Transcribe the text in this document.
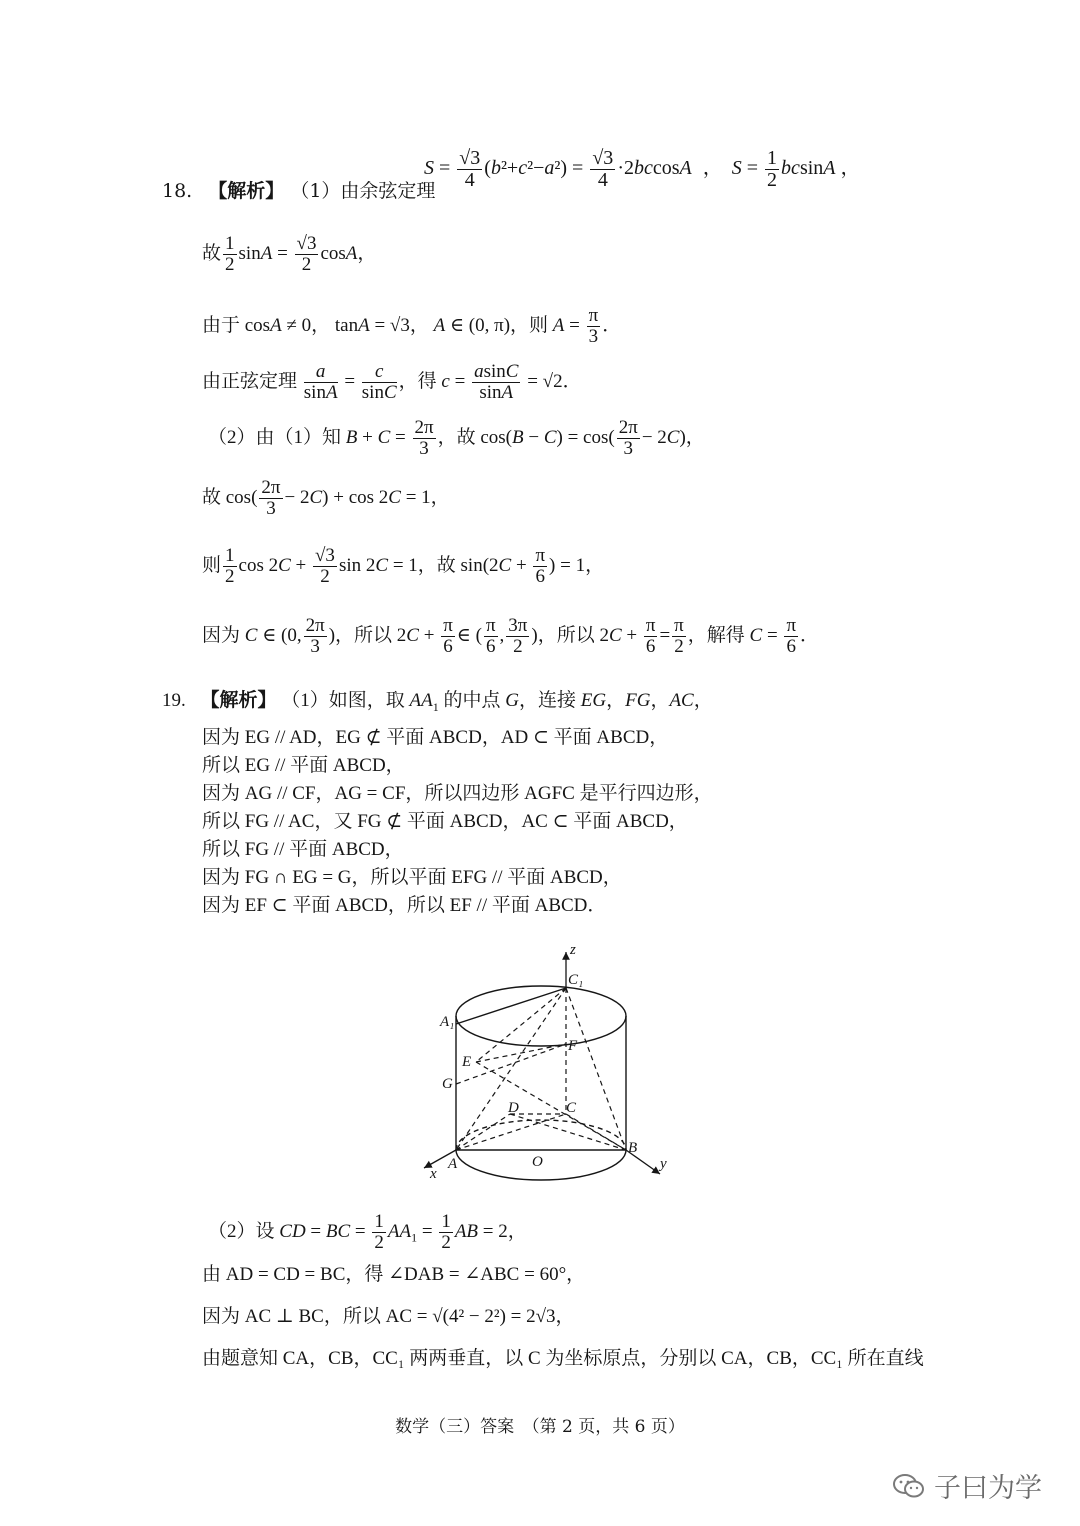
18. 【解析】 （1）由余弦定理
$S = \frac{√3}{4} (b^2+c^2-a^2) = \frac{√3}{4} \cdot 2bccosA$ ， $S = \frac{1}{2}$ bcsinA ，
故 $\frac{1}{2}$ $\sin A = \frac{√3}{2}$ cosA，
由于 cosA ≠ 0， tanA = √3， A ∈ (0, π)，则 $A = \frac{\pi}{3}$ ．
由正弦定理 $\frac{a}{\sin A} = \frac{c}{\sin C}$ ，得 $c = \frac{asinC}{\sin A} = √2$．
（2）由（1）知 $B + C = \frac{2\pi}{3}$ ，故 $\cos(B - C) = \cos( \frac{2\pi}{3} - 2C)$，
故 $\cos( \frac{2\pi}{3} - 2C) + \cos 2C = 1$，
则 $\frac{1}{2}$ $\cos 2C + \frac{√3}{2}$ sin 2C = 1，故 $\sin(2C + \frac{\pi}{6}$ ) = 1，
因为 C ∈ (0, $\frac{2\pi}{3}$ )，所以 $2C + \frac{\pi}{6}$ ∈ ( $\frac{\pi}{6}$ , $\frac{3\pi}{2}$ )，所以 $2C + \frac{\pi}{6} = \frac{\pi}{2}$ ，解得 $C = \frac{\pi}{6}$ ．
19. 【解析】 （1）如图，取 $AA_1$ 的中点 G，连接 EG，FG，AC，
因为 EG // AD，EG ⊄ 平面 ABCD，AD ⊂ 平面 ABCD，
所以 EG // 平面 ABCD，
因为 AG // CF，AG = CF，所以四边形 AGFC 是平行四边形，
所以 FG // AC，又 FG ⊄ 平面 ABCD，AC ⊂ 平面 ABCD，
所以 FG // 平面 ABCD，
因为 FG ∩ EG = G，所以平面 EFG // 平面 ABCD，
因为 EF ⊂ 平面 ABCD，所以 EF // 平面 ABCD．
z
C₁
A₁
F
E
G
D	C
B
A	O
x
y
（2）设 CD = BC = $\frac{1}{2} AA_1 = \frac{1}{2}$ AB = 2，
由 AD = CD = BC，得 ∠DAB = ∠ABC = 60°，
因为 AC ⊥ BC，所以 AC = √(4² − 2²) = 2√3，
由题意知 CA，CB，CC₁ 两两垂直，以 C 为坐标原点，分别以 CA，CB，CC₁ 所在直线
数学（三）答案　（第 2 页，共 6 页）
子曰为学
